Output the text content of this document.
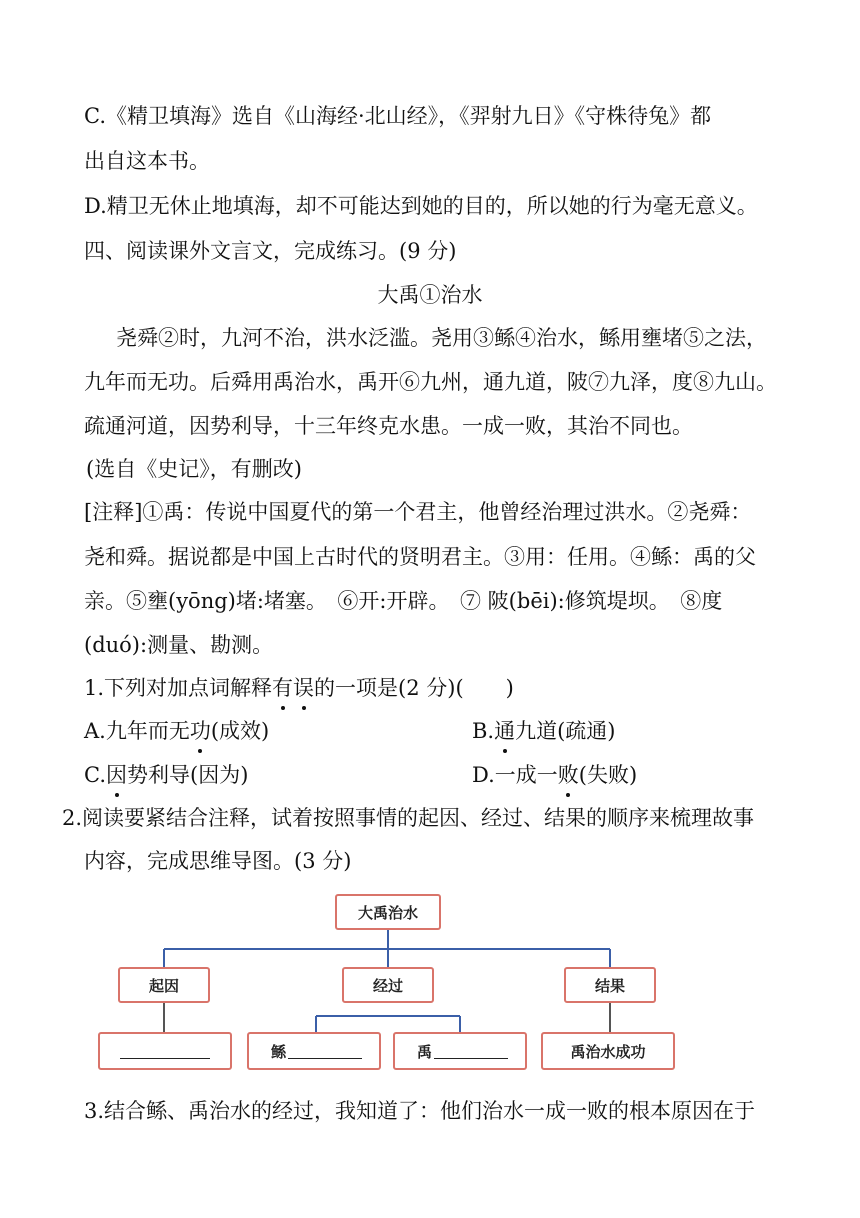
C.《精卫填海》选自《山海经·北山经》，《羿射九日》《守株待兔》都
出自这本书。
D.精卫无休止地填海，却不可能达到她的目的，所以她的行为毫无意义。
四、阅读课外文言文，完成练习。(9 分)
大禹①治水
尧舜②时，九河不治，洪水泛滥。尧用③鲧④治水，鲧用壅堵⑤之法，
九年而无功。后舜用禹治水，禹开⑥九州，通九道，陂⑦九泽，度⑧九山。
疏通河道，因势利导，十三年终克水患。一成一败，其治不同也。
(选自《史记》，有删改)
[注释]①禹：传说中国夏代的第一个君主，他曾经治理过洪水。②尧舜：
尧和舜。据说都是中国上古时代的贤明君主。③用：任用。④鲧：禹的父
亲。⑤壅(yōng)堵:堵塞。　⑥开:开辟。　⑦ 陂(bēi):修筑堤坝。　⑧度
(duó):测量、勘测。
1.下列对加点词解释有误的一项是(2 分)(　　)
A.九年而无功(成效)	B.通九道(疏通)
C.因势利导(因为)	D.一成一败(失败)
2.阅读要紧结合注释，试着按照事情的起因、经过、结果的顺序来梳理故事
内容，完成思维导图。(3 分)
大禹治水
起因	经过	结果
鲧	禹	禹治水成功
3.结合鲧、禹治水的经过，我知道了：他们治水一成一败的根本原因在于
